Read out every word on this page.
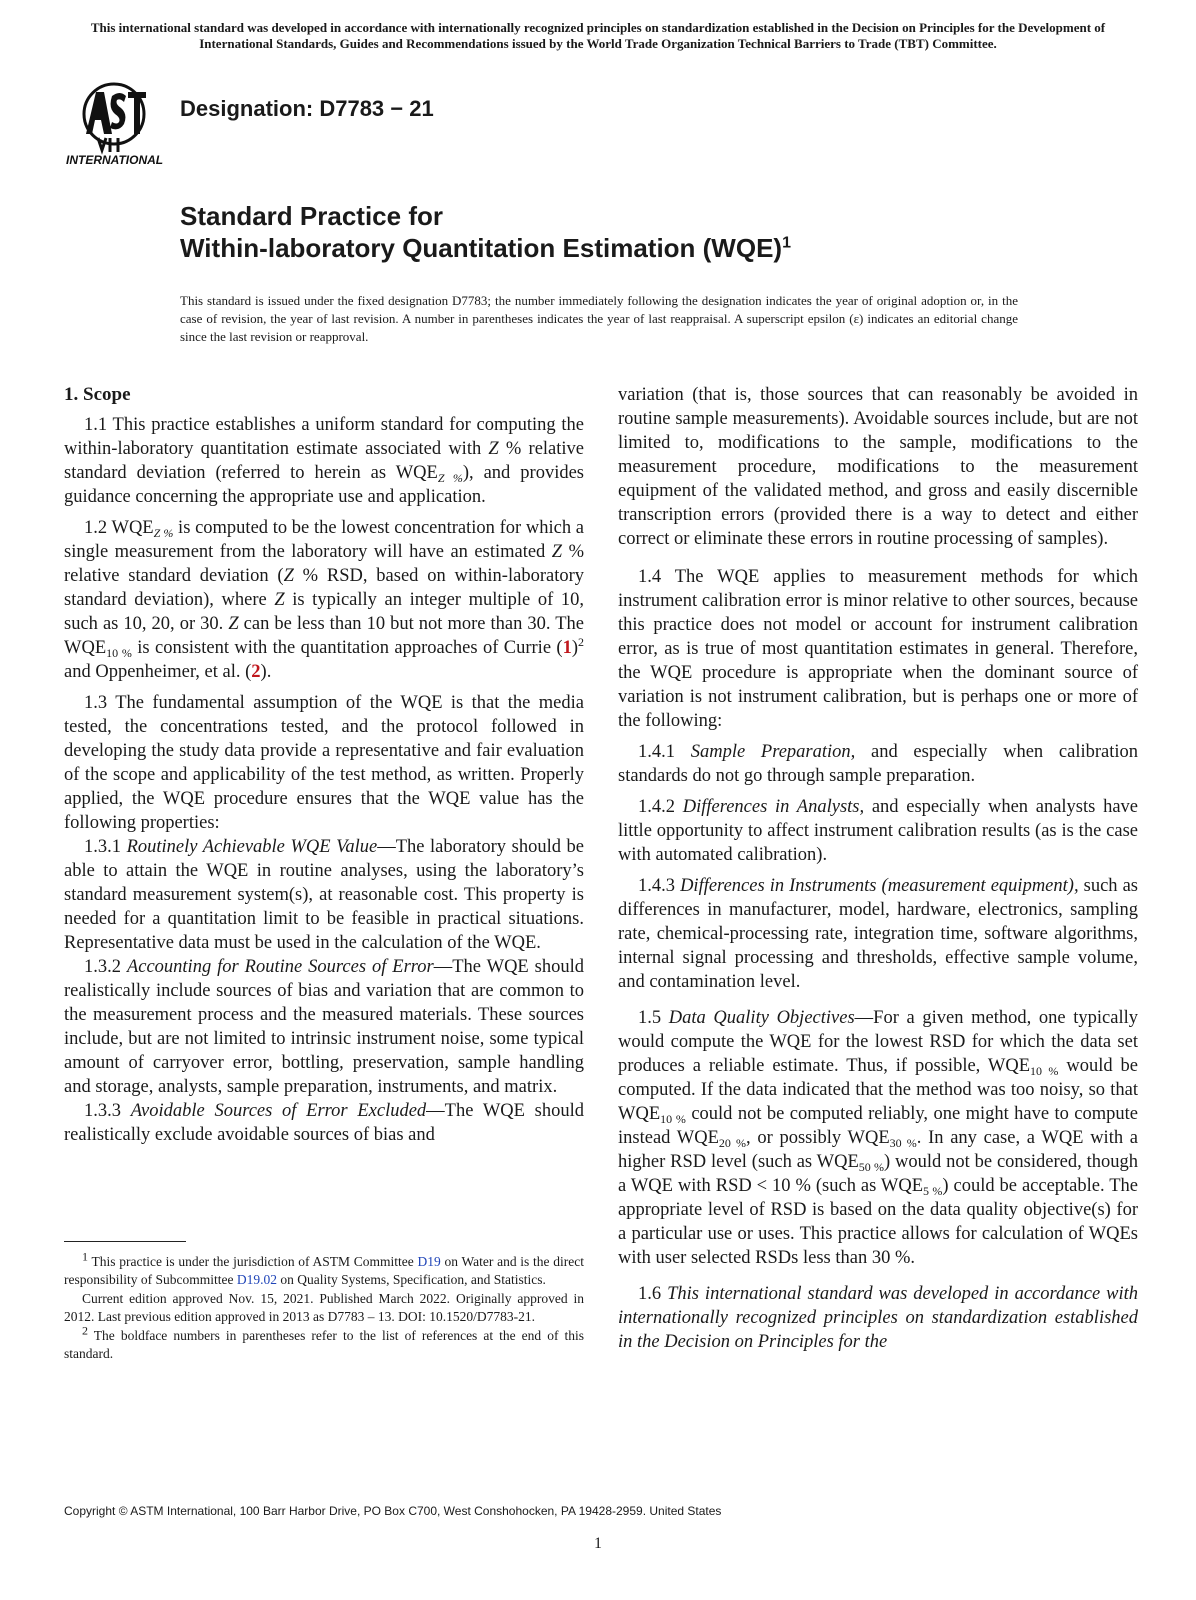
This international standard was developed in accordance with internationally recognized principles on standardization established in the Decision on Principles for the Development of International Standards, Guides and Recommendations issued by the World Trade Organization Technical Barriers to Trade (TBT) Committee.
INTERNATIONAL
Designation: D7783 − 21
Standard Practice for
Within-laboratory Quantitation Estimation (WQE)$^1$
This standard is issued under the fixed designation D7783; the number immediately following the designation indicates the year of original adoption or, in the case of revision, the year of last revision. A number in parentheses indicates the year of last reappraisal. A superscript epsilon (ε) indicates an editorial change since the last revision or reapproval.
1. Scope

1.1 This practice establishes a uniform standard for computing the within-laboratory quantitation estimate associated with Z % relative standard deviation (referred to herein as $WQE_{Z \%}$), and provides guidance concerning the appropriate use and application.

1.2 $WQE_{Z \%}$ is computed to be the lowest concentration for which a single measurement from the laboratory will have an estimated Z % relative standard deviation (Z % RSD, based on within-laboratory standard deviation), where Z is typically an integer multiple of 10, such as 10, 20, or 30. Z can be less than 10 but not more than 30. The $WQE_{10 \%}$ is consistent with the quantitation approaches of Currie $(1)^2$ and Oppenheimer, et al. (2).

1.3 The fundamental assumption of the WQE is that the media tested, the concentrations tested, and the protocol followed in developing the study data provide a representative and fair evaluation of the scope and applicability of the test method, as written. Properly applied, the WQE procedure ensures that the WQE value has the following properties:

1.3.1 Routinely Achievable WQE Value—The laboratory should be able to attain the WQE in routine analyses, using the laboratory’s standard measurement system(s), at reasonable cost. This property is needed for a quantitation limit to be feasible in practical situations. Representative data must be used in the calculation of the WQE.

1.3.2 Accounting for Routine Sources of Error—The WQE should realistically include sources of bias and variation that are common to the measurement process and the measured materials. These sources include, but are not limited to intrinsic instrument noise, some typical amount of carryover error, bottling, preservation, sample handling and storage, analysts, sample preparation, instruments, and matrix.

1.3.3 Avoidable Sources of Error Excluded—The WQE should realistically exclude avoidable sources of bias and

$^1$ This practice is under the jurisdiction of ASTM Committee D19 on Water and is the direct responsibility of Subcommittee D19.02 on Quality Systems, Specification, and Statistics.

Current edition approved Nov. 15, 2021. Published March 2022. Originally approved in 2012. Last previous edition approved in 2013 as D7783 – 13. DOI: 10.1520/D7783-21.

$^2$ The boldface numbers in parentheses refer to the list of references at the end of this standard.

variation (that is, those sources that can reasonably be avoided in routine sample measurements). Avoidable sources include, but are not limited to, modifications to the sample, modifications to the measurement procedure, modifications to the measurement equipment of the validated method, and gross and easily discernible transcription errors (provided there is a way to detect and either correct or eliminate these errors in routine processing of samples).

1.4 The WQE applies to measurement methods for which instrument calibration error is minor relative to other sources, because this practice does not model or account for instrument calibration error, as is true of most quantitation estimates in general. Therefore, the WQE procedure is appropriate when the dominant source of variation is not instrument calibration, but is perhaps one or more of the following:

1.4.1 Sample Preparation, and especially when calibration standards do not go through sample preparation.

1.4.2 Differences in Analysts, and especially when analysts have little opportunity to affect instrument calibration results (as is the case with automated calibration).

1.4.3 Differences in Instruments (measurement equipment), such as differences in manufacturer, model, hardware, electronics, sampling rate, chemical-processing rate, integration time, software algorithms, internal signal processing and thresholds, effective sample volume, and contamination level.

1.5 Data Quality Objectives—For a given method, one typically would compute the WQE for the lowest RSD for which the data set produces a reliable estimate. Thus, if possible, $WQE_{10 \%}$ would be computed. If the data indicated that the method was too noisy, so that $WQE_{10 \%}$ could not be computed reliably, one might have to compute instead $WQE_{20 \%}$, or possibly $WQE_{30 \%}$. In any case, a WQE with a higher RSD level (such as $WQE_{50 \%}$) would not be considered, though a WQE with RSD < 10 % (such as $WQE_{5 \%}$) could be acceptable. The appropriate level of RSD is based on the data quality objective(s) for a particular use or uses. This practice allows for calculation of WQEs with user selected RSDs less than 30 %.

1.6 This international standard was developed in accordance with internationally recognized principles on standardization established in the Decision on Principles for the

Copyright © ASTM International, 100 Barr Harbor Drive, PO Box C700, West Conshohocken, PA 19428-2959. United States
1
